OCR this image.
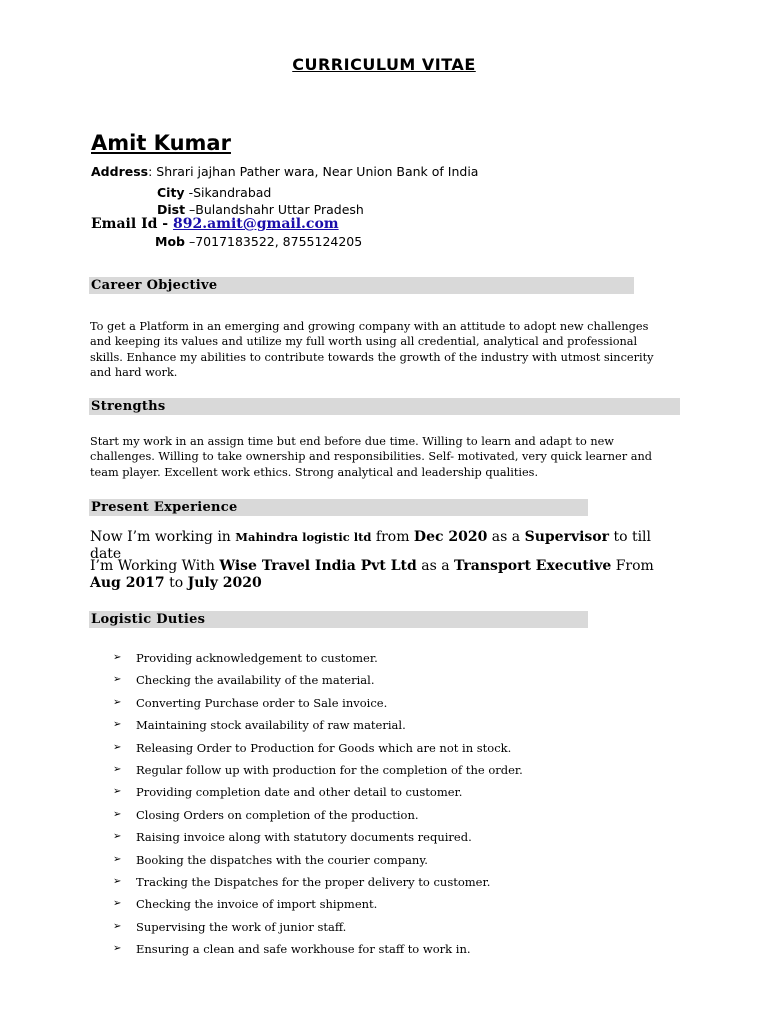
CURRICULUM VITAE
Amit Kumar
Address: Shrari jajhan Pather wara, Near Union Bank of India
City -Sikandrabad
Dist –Bulandshahr Uttar Pradesh
Email Id - 892.amit@gmail.com
Mob –7017183522, 8755124205
Career Objective
To get a Platform in an emerging and growing company with an attitude to adopt new challenges and keeping its values and utilize my full worth using all credential, analytical and professional skills. Enhance my abilities to contribute towards the growth of the industry with utmost sincerity and hard work.
Strengths
Start my work in an assign time but end before due time. Willing to learn and adapt to new challenges. Willing to take ownership and responsibilities. Self- motivated, very quick learner and team player. Excellent work ethics. Strong analytical and leadership qualities.
Present Experience
Now I’m working in Mahindra logistic ltd from Dec 2020 as a Supervisor to till date
I’m Working With Wise Travel India Pvt Ltd as a Transport Executive From Aug 2017 to July 2020
Logistic Duties
➢ Providing acknowledgement to customer.
➢ Checking the availability of the material.
➢ Converting Purchase order to Sale invoice.
➢ Maintaining stock availability of raw material.
➢ Releasing Order to Production for Goods which are not in stock.
➢ Regular follow up with production for the completion of the order.
➢ Providing completion date and other detail to customer.
➢ Closing Orders on completion of the production.
➢ Raising invoice along with statutory documents required.
➢ Booking the dispatches with the courier company.
➢ Tracking the Dispatches for the proper delivery to customer.
➢ Checking the invoice of import shipment.
➢ Supervising the work of junior staff.
➢ Ensuring a clean and safe workhouse for staff to work in.
